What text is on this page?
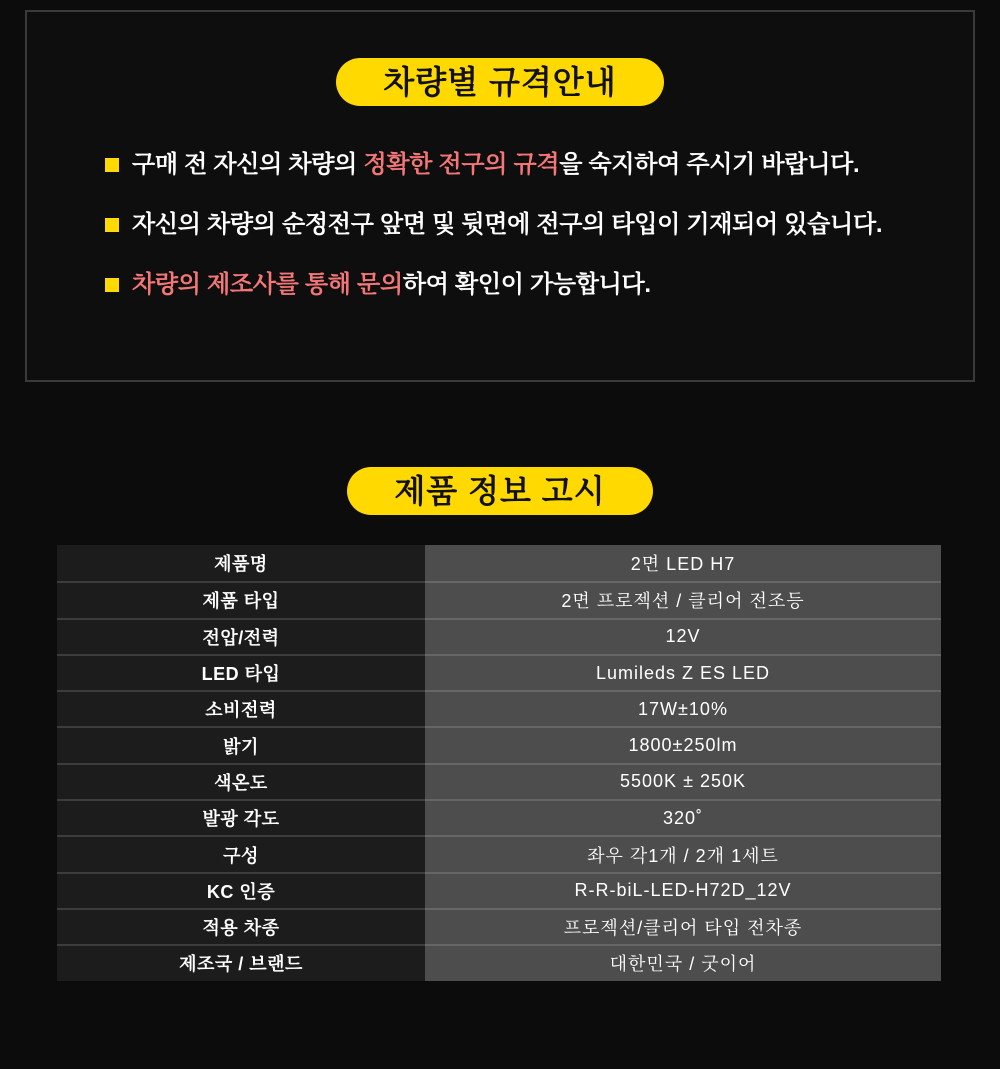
차량별 규격안내
구매 전 자신의 차량의 정확한 전구의 규격을 숙지하여 주시기 바랍니다.
자신의 차량의 순정전구 앞면 및 뒷면에 전구의 타입이 기재되어 있습니다.
차량의 제조사를 통해 문의하여 확인이 가능합니다.
제품 정보 고시
제품명	2면 LED H7
제품 타입	2면 프로젝션 / 클리어 전조등
전압/전력	12V
LED 타입	Lumileds Z ES LED
소비전력	17W±10%
밝기	1800±250lm
색온도	5500K ± 250K
발광 각도	320˚
구성	좌우 각1개 / 2개 1세트
KC 인증	R-R-biL-LED-H72D_12V
적용 차종	프로젝션/클리어 타입 전차종
제조국 / 브랜드	대한민국 / 굿이어
